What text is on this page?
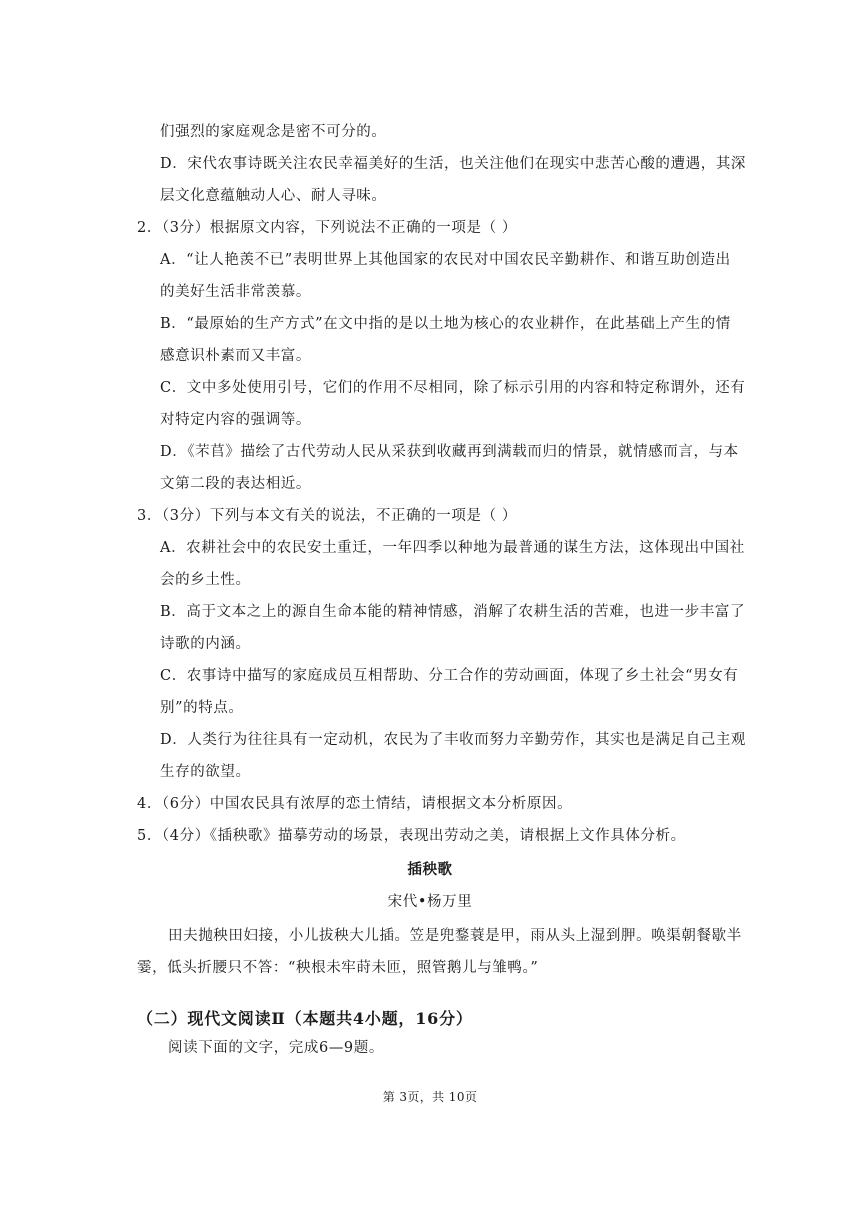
们强烈的家庭观念是密不可分的。
D．宋代农事诗既关注农民幸福美好的生活，也关注他们在现实中悲苦心酸的遭遇，其深
层文化意蕴触动人心、耐人寻味。
2．（3分）根据原文内容，下列说法不正确的一项是（ ）
A．“让人艳羡不已”表明世界上其他国家的农民对中国农民辛勤耕作、和谐互助创造出
的美好生活非常羡慕。
B．“最原始的生产方式”在文中指的是以土地为核心的农业耕作，在此基础上产生的情
感意识朴素而又丰富。
C．文中多处使用引号，它们的作用不尽相同，除了标示引用的内容和特定称谓外，还有
对特定内容的强调等。
D．《芣苢》描绘了古代劳动人民从采获到收藏再到满载而归的情景，就情感而言，与本
文第二段的表达相近。
3．（3分）下列与本文有关的说法，不正确的一项是（ ）
A．农耕社会中的农民安土重迁，一年四季以种地为最普通的谋生方法，这体现出中国社
会的乡土性。
B．高于文本之上的源自生命本能的精神情感，消解了农耕生活的苦难，也进一步丰富了
诗歌的内涵。
C．农事诗中描写的家庭成员互相帮助、分工合作的劳动画面，体现了乡土社会“男女有
别”的特点。
D．人类行为往往具有一定动机，农民为了丰收而努力辛勤劳作，其实也是满足自己主观
生存的欲望。
4．（6分）中国农民具有浓厚的恋土情结，请根据文本分析原因。
5．（4分）《插秧歌》描摹劳动的场景，表现出劳动之美，请根据上文作具体分析。
插秧歌
宋代•杨万里
田夫抛秧田妇接，小儿拔秧大儿插。笠是兜鍪蓑是甲，雨从头上湿到胛。唤渠朝餐歇半
霎，低头折腰只不答：“秧根未牢莳未匝，照管鹅儿与雏鸭。”
（二）现代文阅读Ⅱ（本题共4小题，16分）
阅读下面的文字，完成6—9题。
第 3页，共 10页
